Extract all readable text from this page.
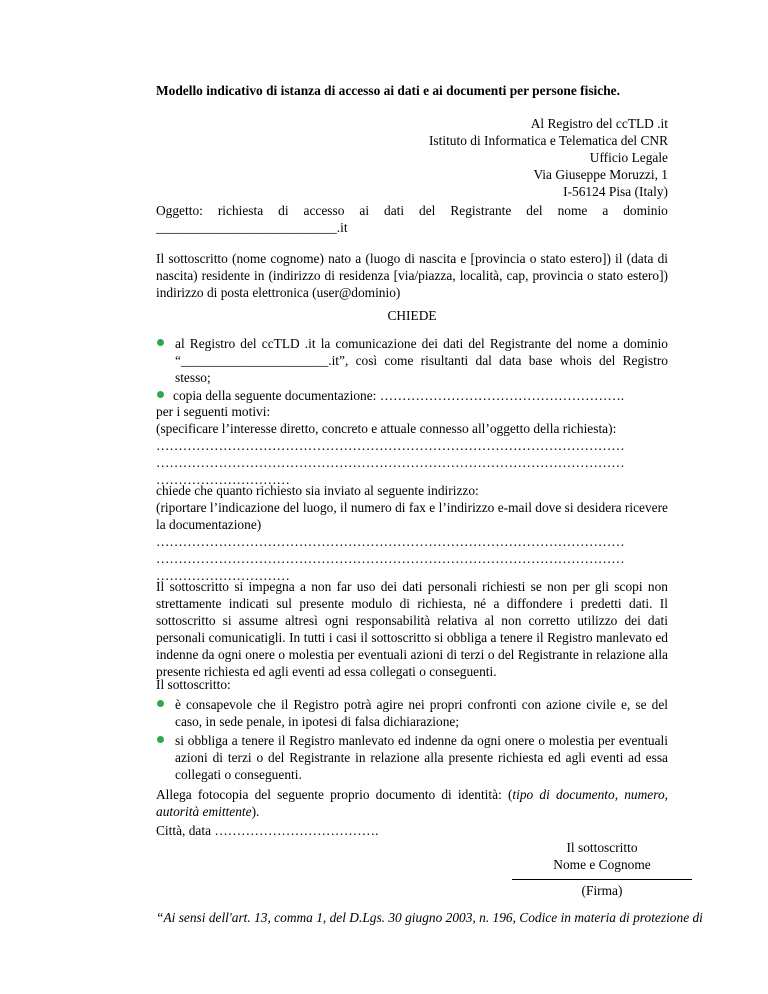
Modello indicativo di istanza di accesso ai dati e ai documenti per persone fisiche.
Al Registro del ccTLD .it
Istituto di Informatica e Telematica del CNR
Ufficio Legale
Via Giuseppe Moruzzi, 1
I-56124 Pisa (Italy)
Oggetto: richiesta di accesso ai dati del Registrante del nome a dominio
___________________________.it
Il sottoscritto (nome cognome) nato a (luogo di nascita e [provincia o stato estero]) il (data di nascita) residente in (indirizzo di residenza [via/piazza, località, cap, provincia o stato estero]) indirizzo di posta elettronica (user@dominio)
CHIEDE
al Registro del ccTLD .it la comunicazione dei dati del Registrante del nome a dominio “______________________.it”, così come risultanti dal data base whois del Registro stesso;
copia della seguente documentazione: ……………………………………………….
per i seguenti motivi:
(specificare l’interesse diretto, concreto e attuale connesso all’oggetto della richiesta):
……………………………………………………………………………………………
……………………………………………………………………………………………
…………………………
chiede che quanto richiesto sia inviato al seguente indirizzo:
(riportare l’indicazione del luogo, il numero di fax e l’indirizzo e-mail dove si desidera ricevere la documentazione)
……………………………………………………………………………………………
……………………………………………………………………………………………
…………………………
Il sottoscritto si impegna a non far uso dei dati personali richiesti se non per gli scopi non strettamente indicati sul presente modulo di richiesta, né a diffondere i predetti dati. Il sottoscritto si assume altresì ogni responsabilità relativa al non corretto utilizzo dei dati personali comunicatigli. In tutti i casi il sottoscritto si obbliga a tenere il Registro manlevato ed indenne da ogni onere o molestia per eventuali azioni di terzi o del Registrante in relazione alla presente richiesta ed agli eventi ad essa collegati o conseguenti.
Il sottoscritto:
è consapevole che il Registro potrà agire nei propri confronti con azione civile e, se del caso, in sede penale, in ipotesi di falsa dichiarazione;
si obbliga a tenere il Registro manlevato ed indenne da ogni onere o molestia per eventuali azioni di terzi o del Registrante in relazione alla presente richiesta ed agli eventi ad essa collegati o conseguenti.
Allega fotocopia del seguente proprio documento di identità: (tipo di documento, numero, autorità emittente).
Città, data ……………………………….
Il sottoscritto
Nome e Cognome
(Firma)
“Ai sensi dell'art. 13, comma 1, del D.Lgs. 30 giugno 2003, n. 196, Codice in materia di protezione di
